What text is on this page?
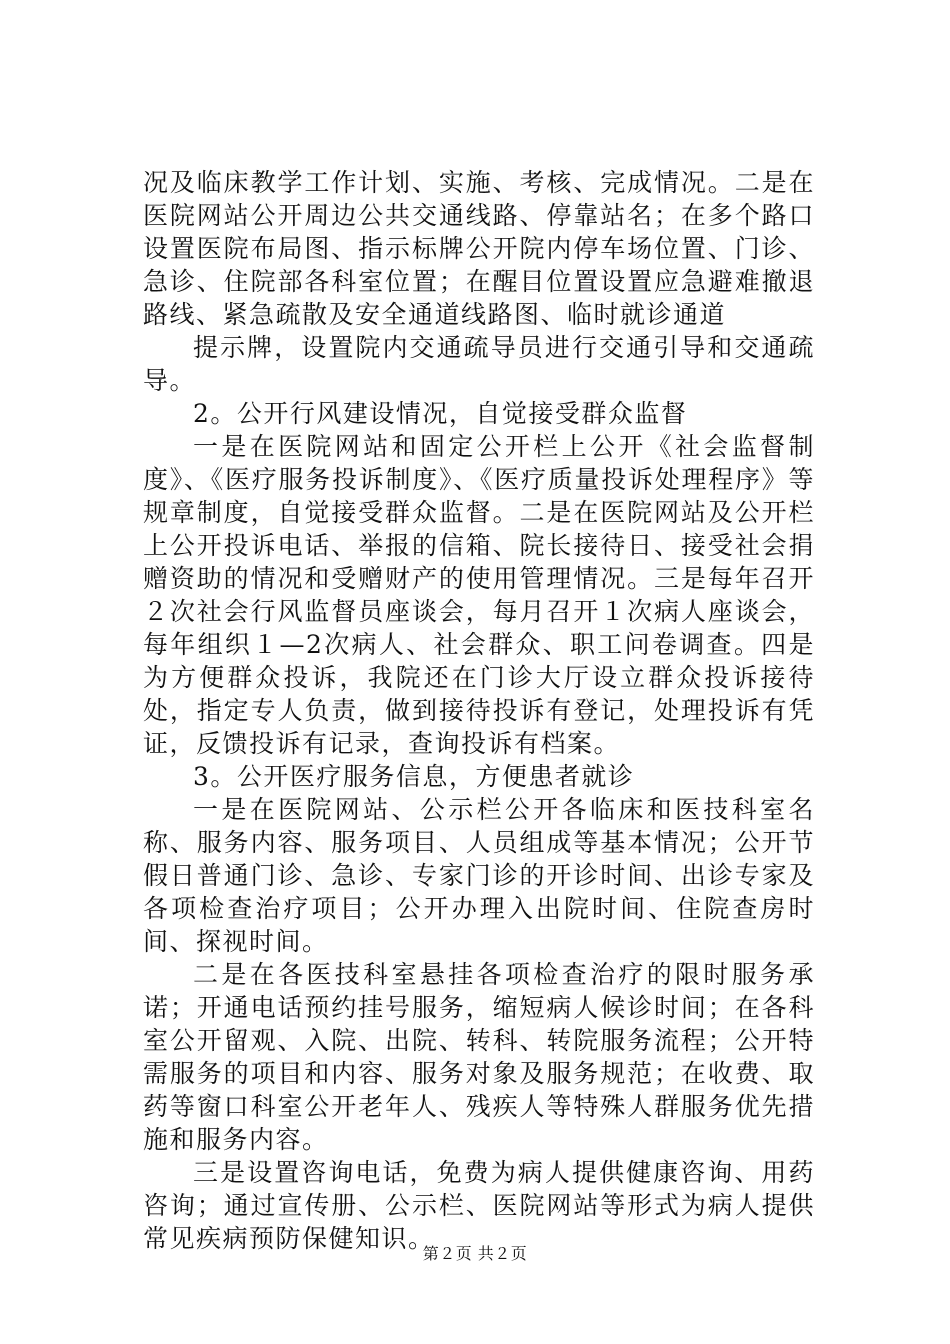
况及临床教学工作计划、实施、考核、完成情况。二是在医院网站公开周边公共交通线路、停靠站名；在多个路口设置医院布局图、指示标牌公开院内停车场位置、门诊、急诊、住院部各科室位置；在醒目位置设置应急避难撤退路线、紧急疏散及安全通道线路图、临时就诊通道

提示牌，设置院内交通疏导员进行交通引导和交通疏导。

2。公开行风建设情况，自觉接受群众监督

一是在医院网站和固定公开栏上公开《社会监督制度》、《医疗服务投诉制度》、《医疗质量投诉处理程序》等规章制度，自觉接受群众监督。二是在医院网站及公开栏上公开投诉电话、举报的信箱、院长接待日、接受社会捐赠资助的情况和受赠财产的使用管理情况。三是每年召开２次社会行风监督员座谈会，每月召开１次病人座谈会，每年组织１—2次病人、社会群众、职工问卷调查。四是为方便群众投诉，我院还在门诊大厅设立群众投诉接待处，指定专人负责，做到接待投诉有登记，处理投诉有凭证，反馈投诉有记录，查询投诉有档案。

3。公开医疗服务信息，方便患者就诊

一是在医院网站、公示栏公开各临床和医技科室名称、服务内容、服务项目、人员组成等基本情况；公开节假日普通门诊、急诊、专家门诊的开诊时间、出诊专家及各项检查治疗项目；公开办理入出院时间、住院查房时间、探视时间。

二是在各医技科室悬挂各项检查治疗的限时服务承诺；开通电话预约挂号服务，缩短病人候诊时间；在各科室公开留观、入院、出院、转科、转院服务流程；公开特需服务的项目和内容、服务对象及服务规范；在收费、取药等窗口科室公开老年人、残疾人等特殊人群服务优先措施和服务内容。

三是设置咨询电话，免费为病人提供健康咨询、用药咨询；通过宣传册、公示栏、医院网站等形式为病人提供常见疾病预防保健知识。

第２页 共２页
